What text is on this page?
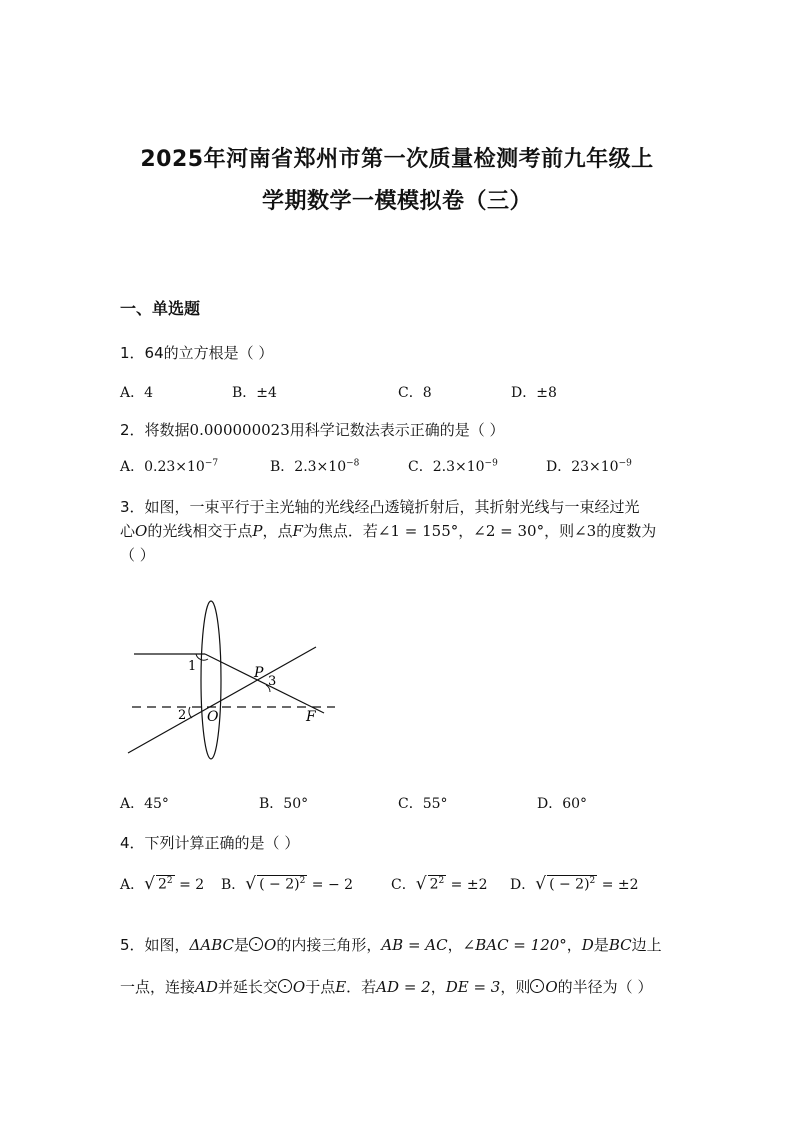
2025年河南省郑州市第一次质量检测考前九年级上
学期数学一模模拟卷（三）
一、单选题
1．64的立方根是（ ）
A．4	B．±4	C．8	D．±8
2．将数据0.000000023用科学记数法表示正确的是（ ）
A．$0.23\times 10^{-7}$	B．$2.3\times 10^{-8}$	C．$2.3\times 10^{-9}$	D．$23\times 10^{-9}$
3．如图，一束平行于主光轴的光线经凸透镜折射后，其折射光线与一束经过光
心O的光线相交于点P，点F为焦点．若∠1 = 155°，∠2 = 30°，则∠3的度数为
（ ）
1
2
3
P
O	F
A．45°	B．50°	C．55°	D．60°
4．下列计算正确的是（ ）
A．√ $2^2 = 2$ B．√ ( − 2)$^2$ = − 2	C．√ $2^2 = \pm 2$ D．√ ( − 2)$^2$ = ±2
5．如图，ΔABC是 O的内接三角形，AB = AC，∠BAC = 120°，D是BC边上
一点，连接AD并延长交 O于点E．若AD = 2，DE = 3，则 O的半径为（ ）
